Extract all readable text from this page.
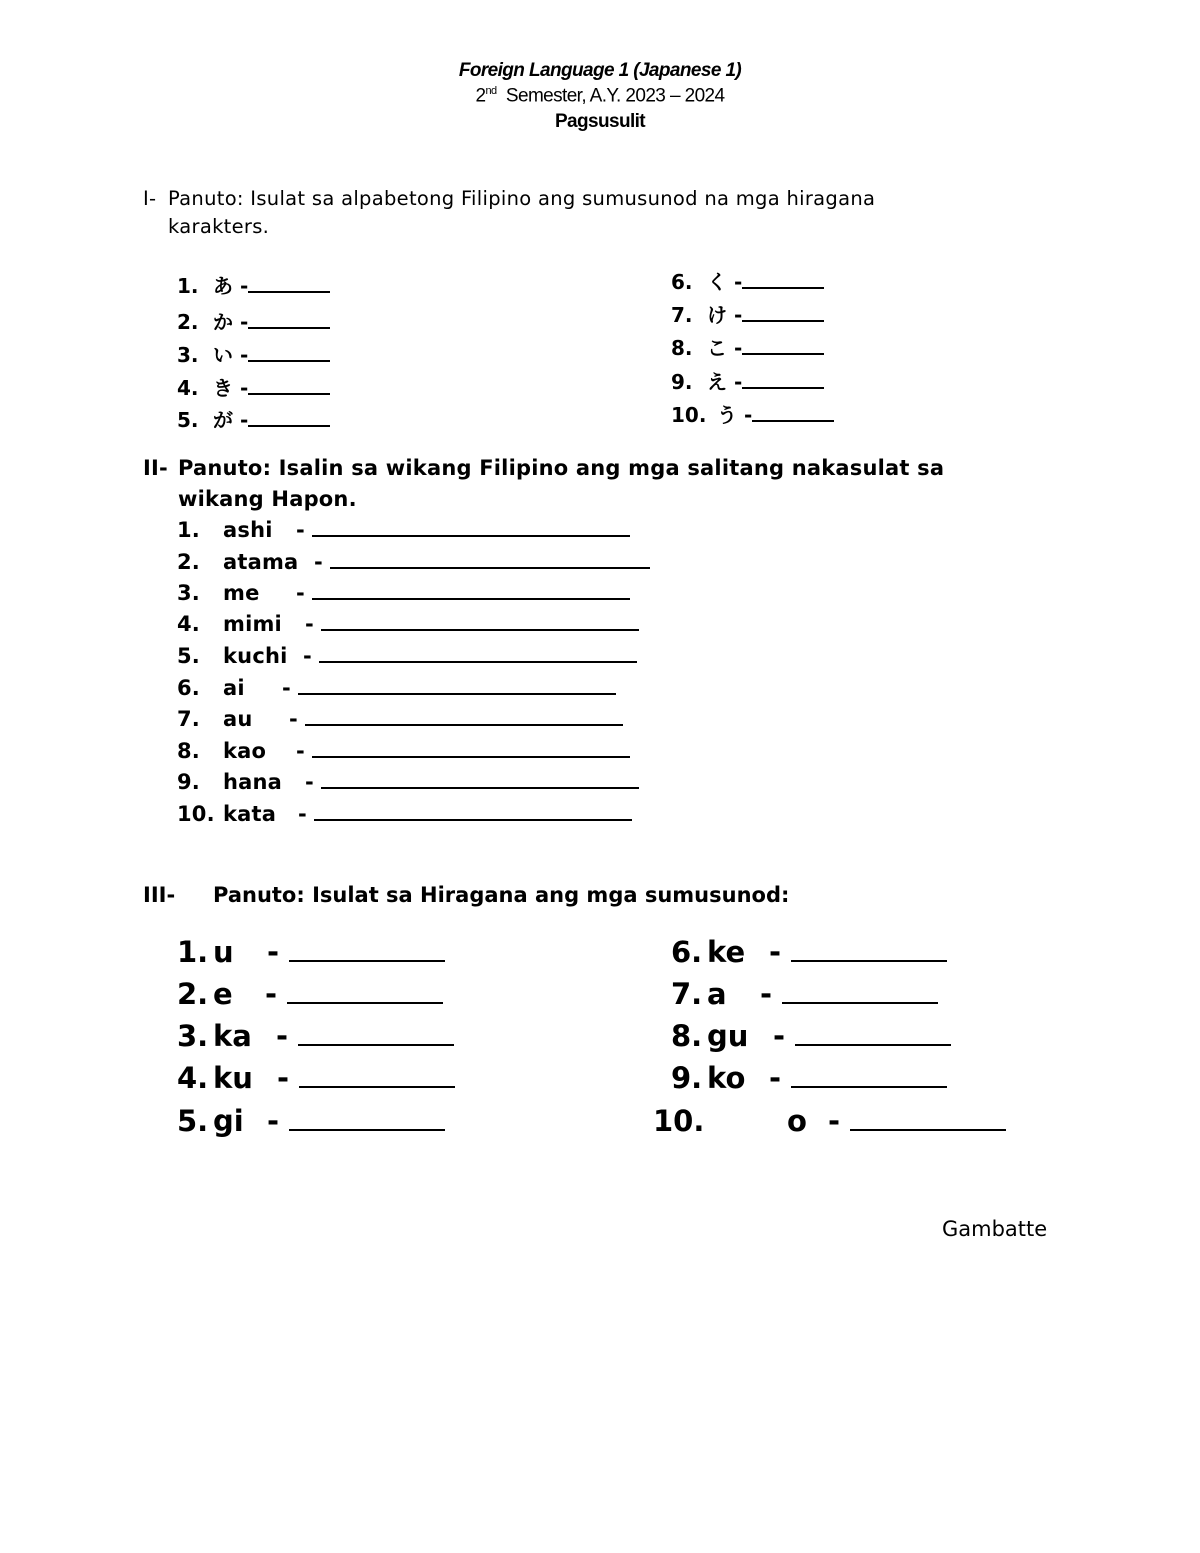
Foreign Language 1 (Japanese 1)
2nd Semester, A.Y. 2023 – 2024
Pagsusulit
I- Panuto: Isulat sa alpabetong Filipino ang sumusunod na mga hiragana
karakters.
1. あ -
2. か -
3. い -
4. き -
5. が -
6. く -
7. け -
8. こ -
9. え -
10. う -
II- Panuto: Isalin sa wikang Filipino ang mga salitang nakasulat sa
wikang Hapon.
1. ashi -
2. atama -
3. me -
4. mimi -
5. kuchi -
6. ai -
7. au -
8. kao -
9. hana -
10. kata -
III- Panuto: Isulat sa Hiragana ang mga sumusunod:
1. u -
2. e -
3. ka -
4. ku -
5. gi -
6. ke -
7. a -
8. gu -
9. ko -
10.	o -
Gambatte
